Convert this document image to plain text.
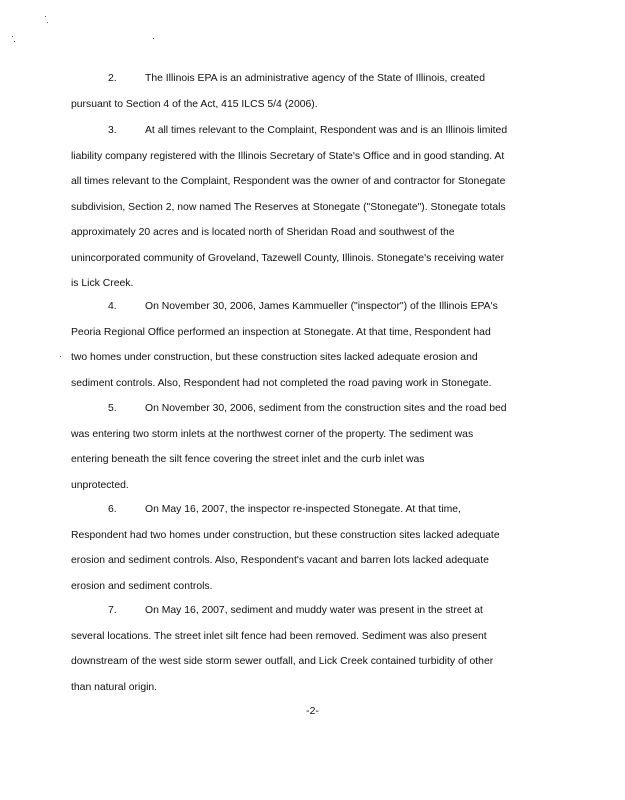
2.	The Illinois EPA is an administrative agency of the State of Illinois, created

pursuant to Section 4 of the Act, 415 ILCS 5/4 (2006).

3.	At all times relevant to the Complaint, Respondent was and is an Illinois limited

liability company registered with the Illinois Secretary of State's Office and in good standing. At

all times relevant to the Complaint, Respondent was the owner of and contractor for Stonegate

subdivision, Section 2, now named The Reserves at Stonegate ("Stonegate"). Stonegate totals

approximately 20 acres and is located north of Sheridan Road and southwest of the

unincorporated community of Groveland, Tazewell County, Illinois. Stonegate's receiving water

is Lick Creek.

4.	On November 30, 2006, James Kammueller ("inspector") of the Illinois EPA's

Peoria Regional Office performed an inspection at Stonegate. At that time, Respondent had

two homes under construction, but these construction sites lacked adequate erosion and

sediment controls. Also, Respondent had not completed the road paving work in Stonegate.

5.	On November 30, 2006, sediment from the construction sites and the road bed

was entering two storm inlets at the northwest corner of the property. The sediment was

entering beneath the silt fence covering the street inlet and the curb inlet was

unprotected.

6.	On May 16, 2007, the inspector re-inspected Stonegate. At that time,

Respondent had two homes under construction, but these construction sites lacked adequate

erosion and sediment controls. Also, Respondent's vacant and barren lots lacked adequate

erosion and sediment controls.

7.	On May 16, 2007, sediment and muddy water was present in the street at

several locations. The street inlet silt fence had been removed. Sediment was also present

downstream of the west side storm sewer outfall, and Lick Creek contained turbidity of other

than natural origin.

-2-
